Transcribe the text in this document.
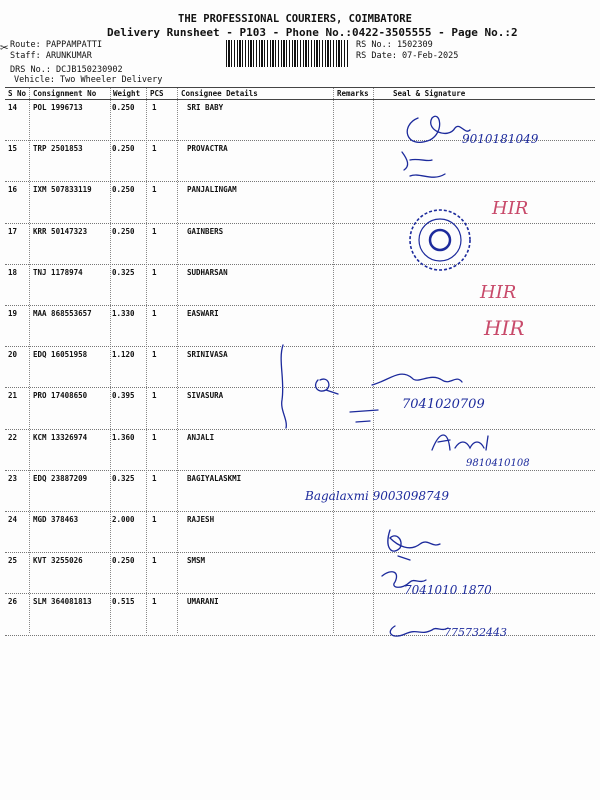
✂
THE PROFESSIONAL COURIERS, COIMBATORE
Delivery Runsheet - P103 - Phone No.:0422-3505555 - Page No.:2
Route: PAPPAMPATTI
Staff: ARUNKUMAR
DRS No.: DCJB150230902
Vehicle: Two Wheeler Delivery
RS No.: 1502309
RS Date: 07-Feb-2025
S No Consignment No Weight PCS Consignee Details	Remarks	Seal & Signature
14 POL 1996713	0.250 1	SRI BABY
15 TRP 2501853	0.250 1	PROVACTRA
16 IXM 507833119	0.250 1	PANJALINGAM
17 KRR 50147323	0.250 1	GAINBERS
18 TNJ 1178974	0.325 1	SUDHARSAN
19 MAA 868553657	1.330 1	EASWARI
20 EDQ 16051958	1.120 1	SRINIVASA
21 PRO 17408650	0.395 1	SIVASURA
22 KCM 13326974	1.360 1	ANJALI
23 EDQ 23887209	0.325 1	BAGIYALASKMI
24 MGD 378463	2.000 1	RAJESH
25 KVT 3255026	0.250 1	SMSM
26 SLM 364081813	0.515 1	UMARANI
9010181049
HIR
HIR
HIR
7041020709
9810410108
Bagalaxmi 9003098749
7041010 1870
775732443
